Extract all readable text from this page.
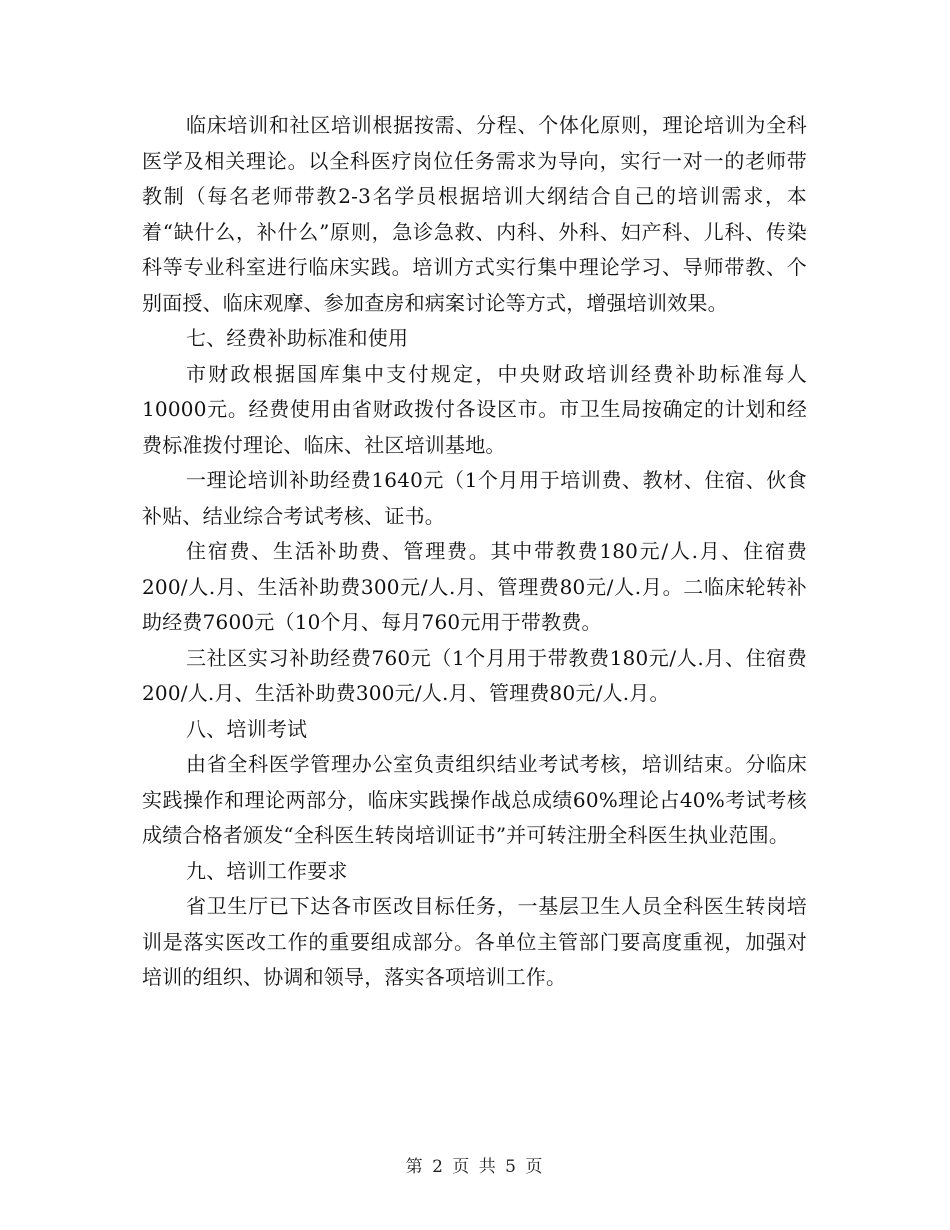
临床培训和社区培训根据按需、分程、个体化原则，理论培训为全科医学及相关理论。以全科医疗岗位任务需求为导向，实行一对一的老师带教制（每名老师带教2-3名学员根据培训大纲结合自己的培训需求，本着“缺什么，补什么”原则，急诊急救、内科、外科、妇产科、儿科、传染科等专业科室进行临床实践。培训方式实行集中理论学习、导师带教、个别面授、临床观摩、参加查房和病案讨论等方式，增强培训效果。

七、经费补助标准和使用

市财政根据国库集中支付规定，中央财政培训经费补助标准每人10000元。经费使用由省财政拨付各设区市。市卫生局按确定的计划和经费标准拨付理论、临床、社区培训基地。

一理论培训补助经费1640元（1个月用于培训费、教材、住宿、伙食补贴、结业综合考试考核、证书。

住宿费、生活补助费、管理费。其中带教费180元/人.月、住宿费200/人.月、生活补助费300元/人.月、管理费80元/人.月。二临床轮转补助经费7600元（10个月、每月760元用于带教费。

三社区实习补助经费760元（1个月用于带教费180元/人.月、住宿费200/人.月、生活补助费300元/人.月、管理费80元/人.月。

八、培训考试

由省全科医学管理办公室负责组织结业考试考核，培训结束。分临床实践操作和理论两部分，临床实践操作战总成绩60%理论占40%考试考核成绩合格者颁发“全科医生转岗培训证书”并可转注册全科医生执业范围。

九、培训工作要求

省卫生厅已下达各市医改目标任务，一基层卫生人员全科医生转岗培训是落实医改工作的重要组成部分。各单位主管部门要高度重视，加强对培训的组织、协调和领导，落实各项培训工作。

第 2 页 共 5 页
